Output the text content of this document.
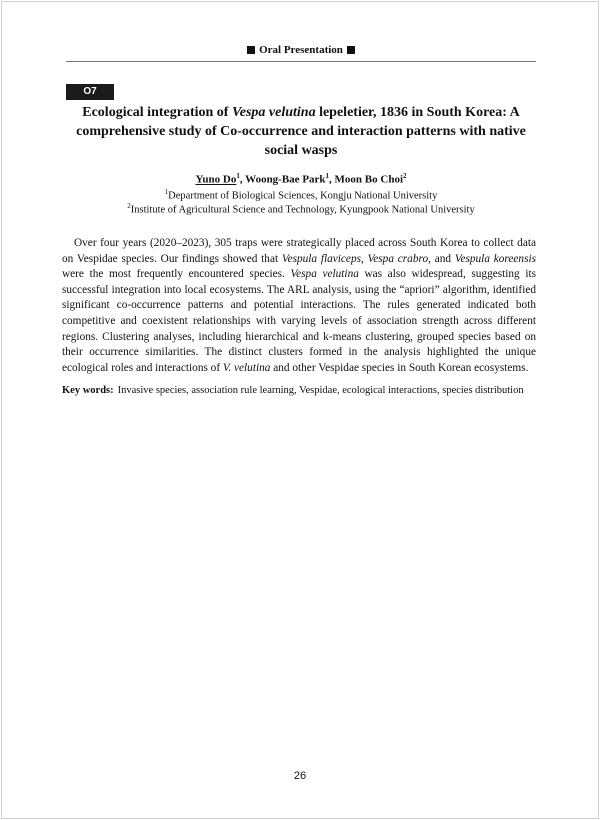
Oral Presentation
O7
Ecological integration of Vespa velutina lepeletier, 1836 in South Korea: A comprehensive study of Co-occurrence and interaction patterns with native social wasps
Yuno Do$^1$, Woong-Bae Park$^1$, Moon Bo Choi$^2$
$^1$Department of Biological Sciences, Kongju National University
$^2$Institute of Agricultural Science and Technology, Kyungpook National University

Over four years (2020–2023), 305 traps were strategically placed across South Korea to collect data on Vespidae species. Our findings showed that Vespula flaviceps, Vespa crabro, and Vespula koreensis were the most frequently encountered species. Vespa velutina was also widespread, suggesting its successful integration into local ecosystems. The ARL analysis, using the “apriori” algorithm, identified significant co-occurrence patterns and potential interactions. The rules generated indicated both competitive and coexistent relationships with varying levels of association strength across different regions. Clustering analyses, including hierarchical and k-means clustering, grouped species based on their occurrence similarities. The distinct clusters formed in the analysis highlighted the unique ecological roles and interactions of V. velutina and other Vespidae species in South Korean ecosystems.

Key words: Invasive species, association rule learning, Vespidae, ecological interactions, species distribution
26
